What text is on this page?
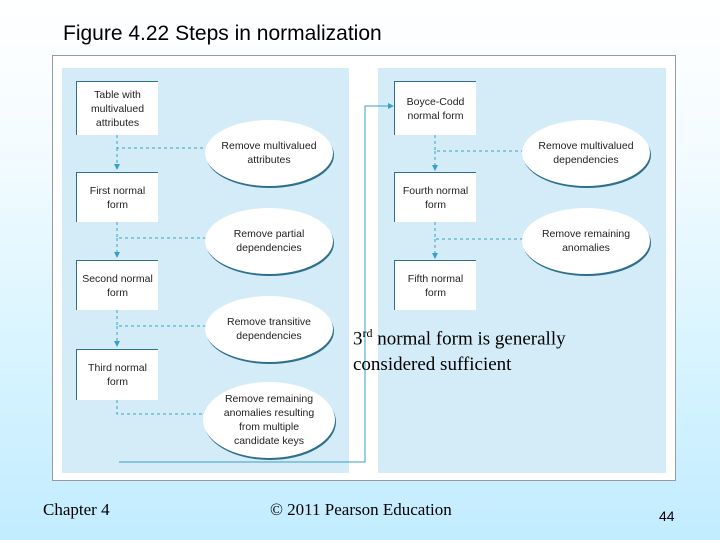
Figure 4.22 Steps in normalization
Table with multivalued attributes
First normal form
Second normal form
Third normal form
Remove multivalued attributes
Remove partial dependencies
Remove transitive dependencies
Remove remaining anomalies resulting from multiple candidate keys
Boyce-Codd normal form
Fourth normal form
Fifth normal form
Remove multivalued dependencies
Remove remaining anomalies
3rd normal form is generally considered sufficient
Chapter 4	© 2011 Pearson Education	44
